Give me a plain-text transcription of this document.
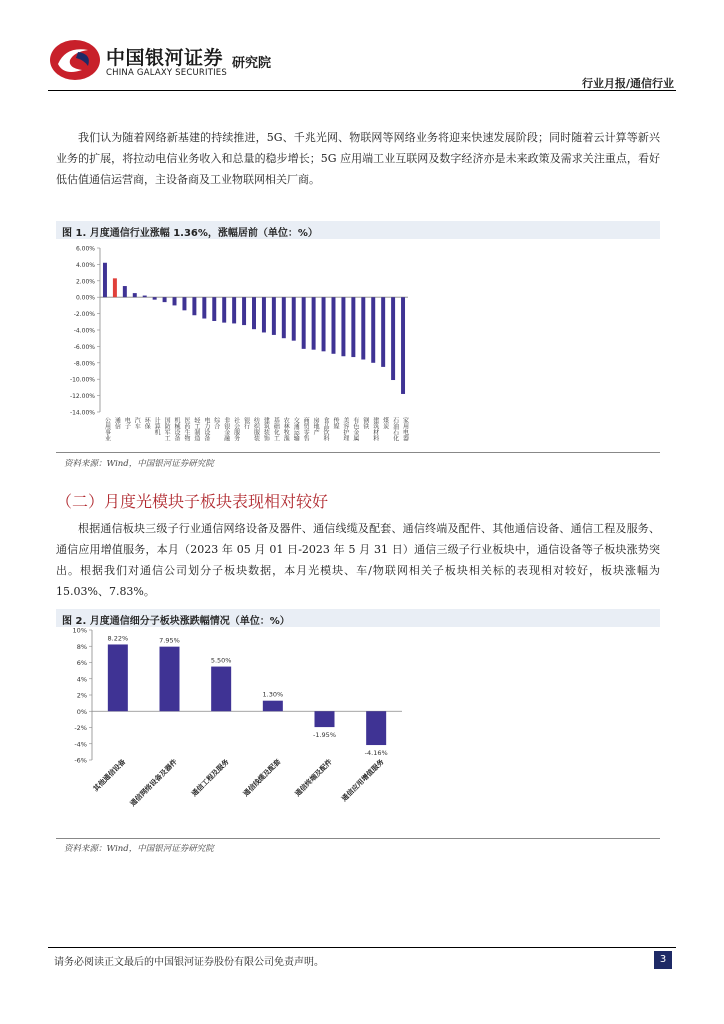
中国银河证券
CHINA GALAXY SECURITIES
研究院
行业月报/通信行业
我们认为随着网络新基建的持续推进，5G、千兆光网、物联网等网络业务将迎来快速发展阶段；同时随着云计算等新兴业务的扩展，将拉动电信业务收入和总量的稳步增长；5G 应用端工业互联网及数字经济亦是未来政策及需求关注重点，看好低估值通信运营商，主设备商及工业物联网相关厂商。
图 1. 月度通信行业涨幅 1.36%，涨幅居前（单位：%）
6.00%
4.00%
2.00%
0.00%
-2.00%
-4.00%
-6.00%
-8.00%
-10.00%
-12.00%
-14.00%
公用事业 通信 电子 汽车 环保 计算机 国防军工 机械设备 医药生物 轻工制造 电力设备 综合 非银金融 社会服务 银行 纺织服装 建筑装饰 基础化工 农林牧渔 交通运输 商贸零售 房地产 食品饮料 传媒 美容护理 有色金属 钢铁 建筑材料 煤炭 石油石化 家用电器
资料来源：Wind，中国银河证券研究院
（二）月度光模块子板块表现相对较好
根据通信板块三级子行业通信网络设备及器件、通信线缆及配套、通信终端及配件、其他通信设备、通信工程及服务、通信应用增值服务，本月（2023 年 05 月 01 日-2023 年 5 月 31 日）通信三级子行业板块中，通信设备等子板块涨势突出。根据我们对通信公司划分子板块数据，本月光模块、车/物联网相关子板块相关标的表现相对较好，板块涨幅为 15.03%、7.83%。
图 2. 月度通信细分子板块涨跌幅情况（单位：%）
10%
8%
6%
4%
2%
0%
-2%
-4%
-6%
8.22%
其他通信设备
7.95%
通信网络设备及器件
5.50%
通信工程及服务
1.30%
通信线缆及配套
-1.95%
通信终端及配件
-4.16%
通信应用增值服务
资料来源：Wind，中国银河证券研究院
请务必阅读正文最后的中国银河证券股份有限公司免责声明。	3
